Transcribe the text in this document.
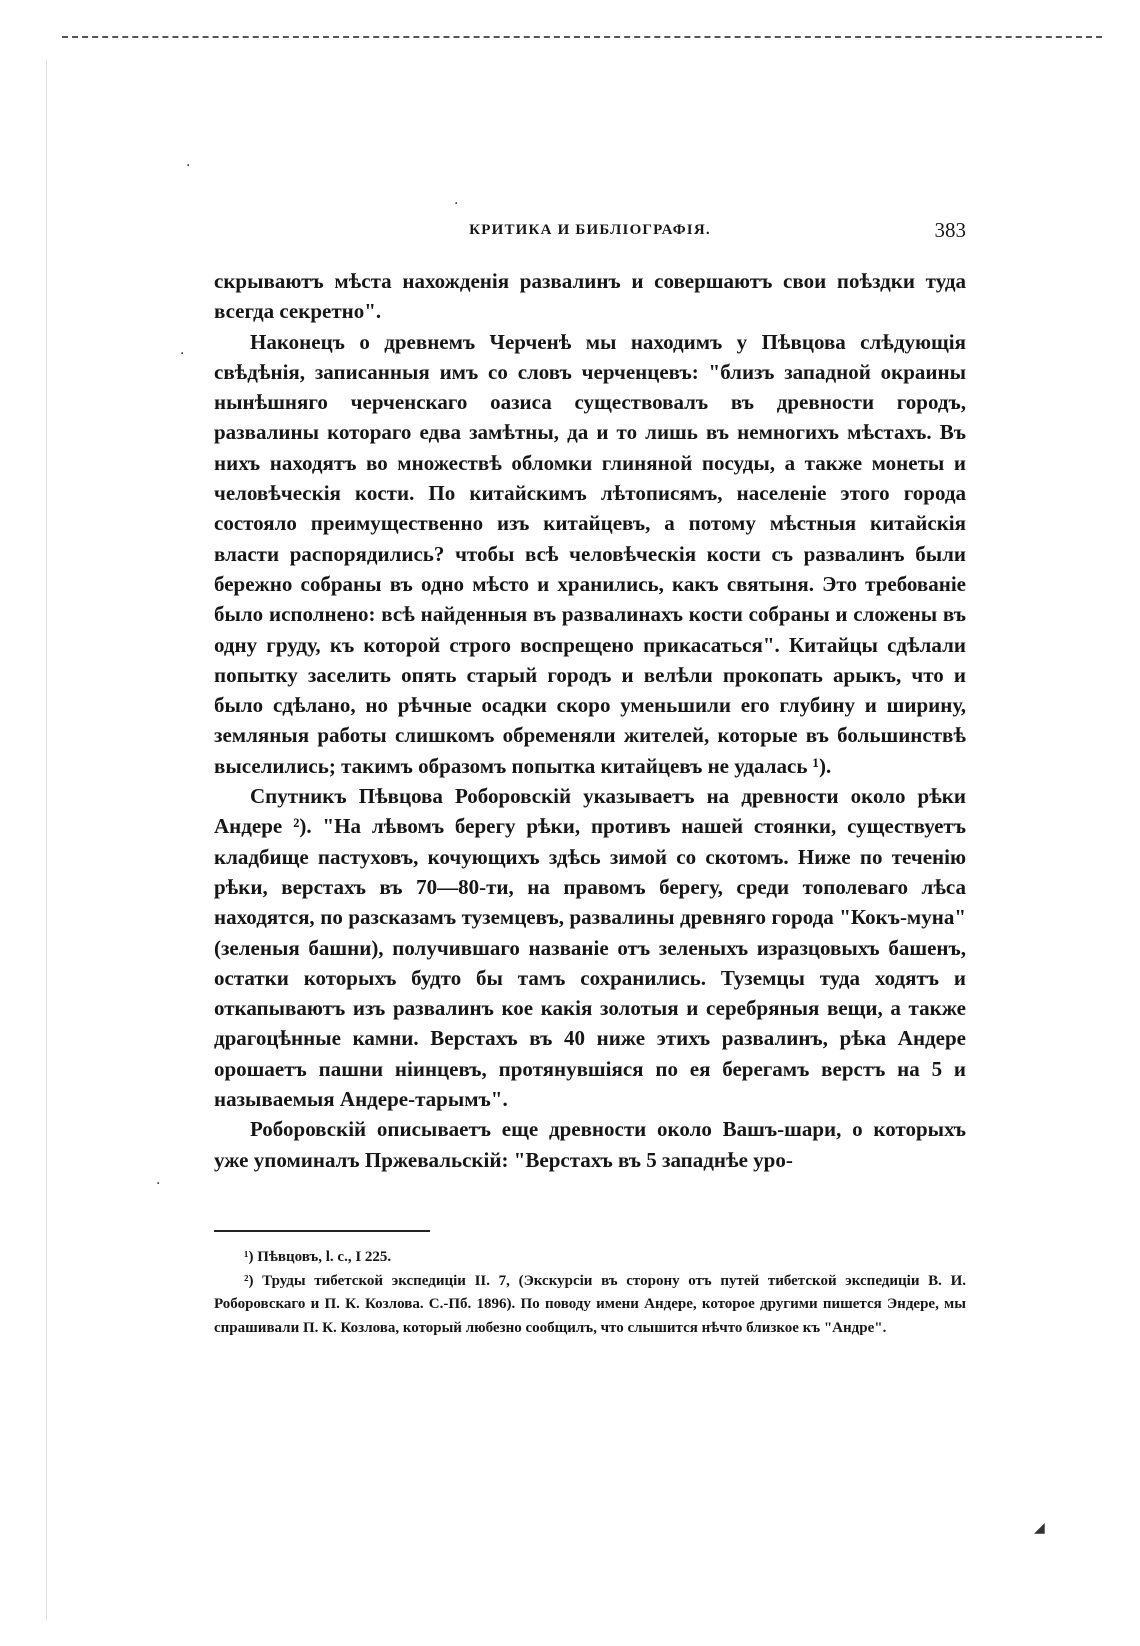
·
·
·
·
◢
КРИТИКА И БИБЛІОГРАФІЯ.	383

скрываютъ мѣста нахожденія развалинъ и совершаютъ свои поѣздки туда всегда секретно".

Наконецъ о древнемъ Черченѣ мы находимъ у Пѣвцова слѣдующія свѣдѣнія, записанныя имъ со словъ черченцевъ: "близъ западной окраины нынѣшняго черченскаго оазиса существовалъ въ древности городъ, развалины котораго едва замѣтны, да и то лишь въ немногихъ мѣстахъ. Въ нихъ находятъ во множествѣ обломки глиняной посуды, а также монеты и человѣческія кости. По китайскимъ лѣтописямъ, населеніе этого города состояло преимущественно изъ китайцевъ, а потому мѣстныя китайскія власти распорядились? чтобы всѣ человѣческія кости съ развалинъ были бережно собраны въ одно мѣсто и хранились, какъ святыня. Это требованіе было исполнено: всѣ найденныя въ развалинахъ кости собраны и сложены въ одну груду, къ которой строго воспрещено прикасаться". Китайцы сдѣлали попытку заселить опять старый городъ и велѣли прокопать арыкъ, что и было сдѣлано, но рѣчные осадки скоро уменьшили его глубину и ширину, земляныя работы слишкомъ обременяли жителей, которые въ большинствѣ выселились; такимъ образомъ попытка китайцевъ не удалась ¹).

Спутникъ Пѣвцова Роборовскій указываетъ на древности около рѣки Андере ²). "На лѣвомъ берегу рѣки, противъ нашей стоянки, существуетъ кладбище пастуховъ, кочующихъ здѣсь зимой со скотомъ. Ниже по теченію рѣки, верстахъ въ 70—80-ти, на правомъ берегу, среди тополеваго лѣса находятся, по разсказамъ туземцевъ, развалины древняго города "Кокъ-муна" (зеленыя башни), получившаго названіе отъ зеленыхъ изразцовыхъ башенъ, остатки которыхъ будто бы тамъ сохранились. Туземцы туда ходятъ и откапываютъ изъ развалинъ кое какія золотыя и серебряныя вещи, а также драгоцѣнные камни. Верстахъ въ 40 ниже этихъ развалинъ, рѣка Андере орошаетъ пашни ніинцевъ, протянувшіяся по ея берегамъ верстъ на 5 и называемыя Андере-тарымъ".

Роборовскій описываетъ еще древности около Вашъ-шари, о которыхъ уже упоминалъ Пржевальскій: "Верстахъ въ 5 западнѣе уро-

¹) Пѣвцовъ, l. c., I 225.

²) Труды тибетской экспедиціи II. 7, (Экскурсіи въ сторону отъ путей тибетской экспедиціи В. И. Роборовскаго и П. К. Козлова. С.-Пб. 1896). По поводу имени Андере, которое другими пишется Эндере, мы спрашивали П. К. Козлова, который любезно сообщилъ, что слышится нѣчто близкое къ "Андре".
